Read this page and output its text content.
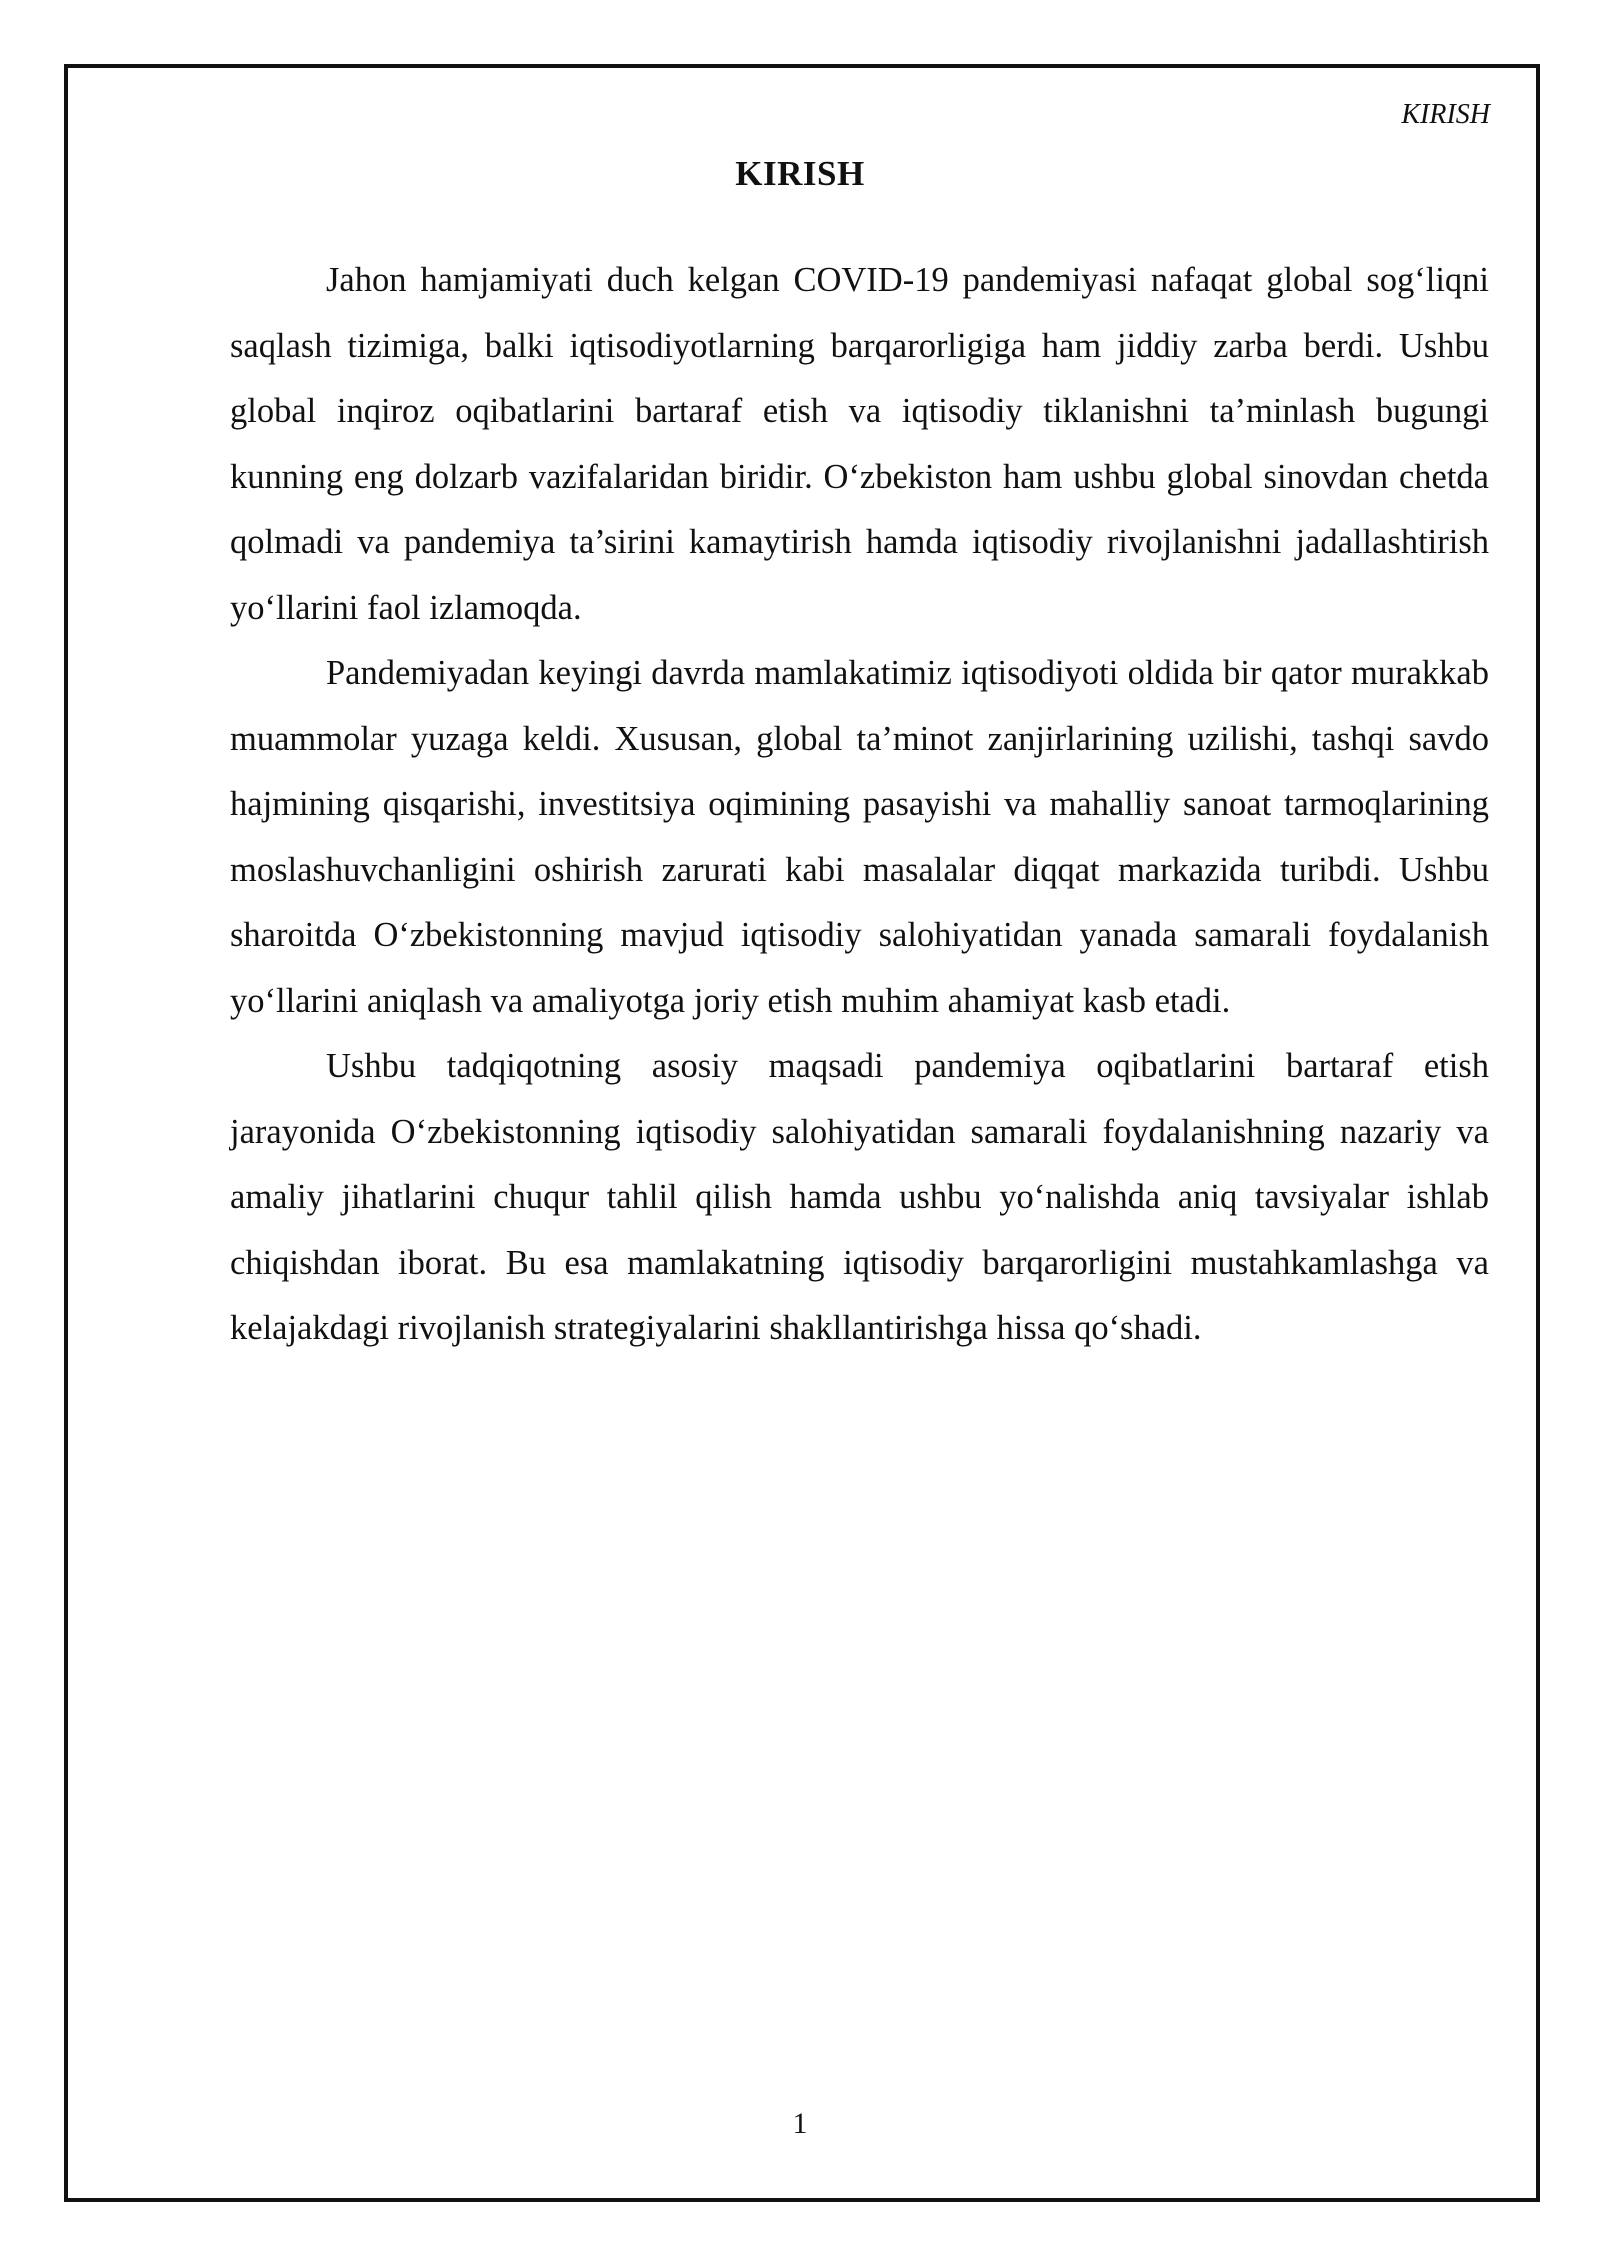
KIRISH
KIRISH

Jahon hamjamiyati duch kelgan COVID-19 pandemiyasi nafaqat global sog‘liqni saqlash tizimiga, balki iqtisodiyotlarning barqarorligiga ham jiddiy zarba berdi. Ushbu global inqiroz oqibatlarini bartaraf etish va iqtisodiy tiklanishni ta’minlash bugungi kunning eng dolzarb vazifalaridan biridir. O‘zbekiston ham ushbu global sinovdan chetda qolmadi va pandemiya ta’sirini kamaytirish hamda iqtisodiy rivojlanishni jadallashtirish yo‘llarini faol izlamoqda.

Pandemiyadan keyingi davrda mamlakatimiz iqtisodiyoti oldida bir qator murakkab muammolar yuzaga keldi. Xususan, global ta’minot zanjirlarining uzilishi, tashqi savdo hajmining qisqarishi, investitsiya oqimining pasayishi va mahalliy sanoat tarmoqlarining moslashuvchanligini oshirish zarurati kabi masalalar diqqat markazida turibdi. Ushbu sharoitda O‘zbekistonning mavjud iqtisodiy salohiyatidan yanada samarali foydalanish yo‘llarini aniqlash va amaliyotga joriy etish muhim ahamiyat kasb etadi.

Ushbu tadqiqotning asosiy maqsadi pandemiya oqibatlarini bartaraf etish jarayonida O‘zbekistonning iqtisodiy salohiyatidan samarali foydalanishning nazariy va amaliy jihatlarini chuqur tahlil qilish hamda ushbu yo‘nalishda aniq tavsiyalar ishlab chiqishdan iborat. Bu esa mamlakatning iqtisodiy barqarorligini mustahkamlashga va kelajakdagi rivojlanish strategiyalarini shakllantirishga hissa qo‘shadi.

1
